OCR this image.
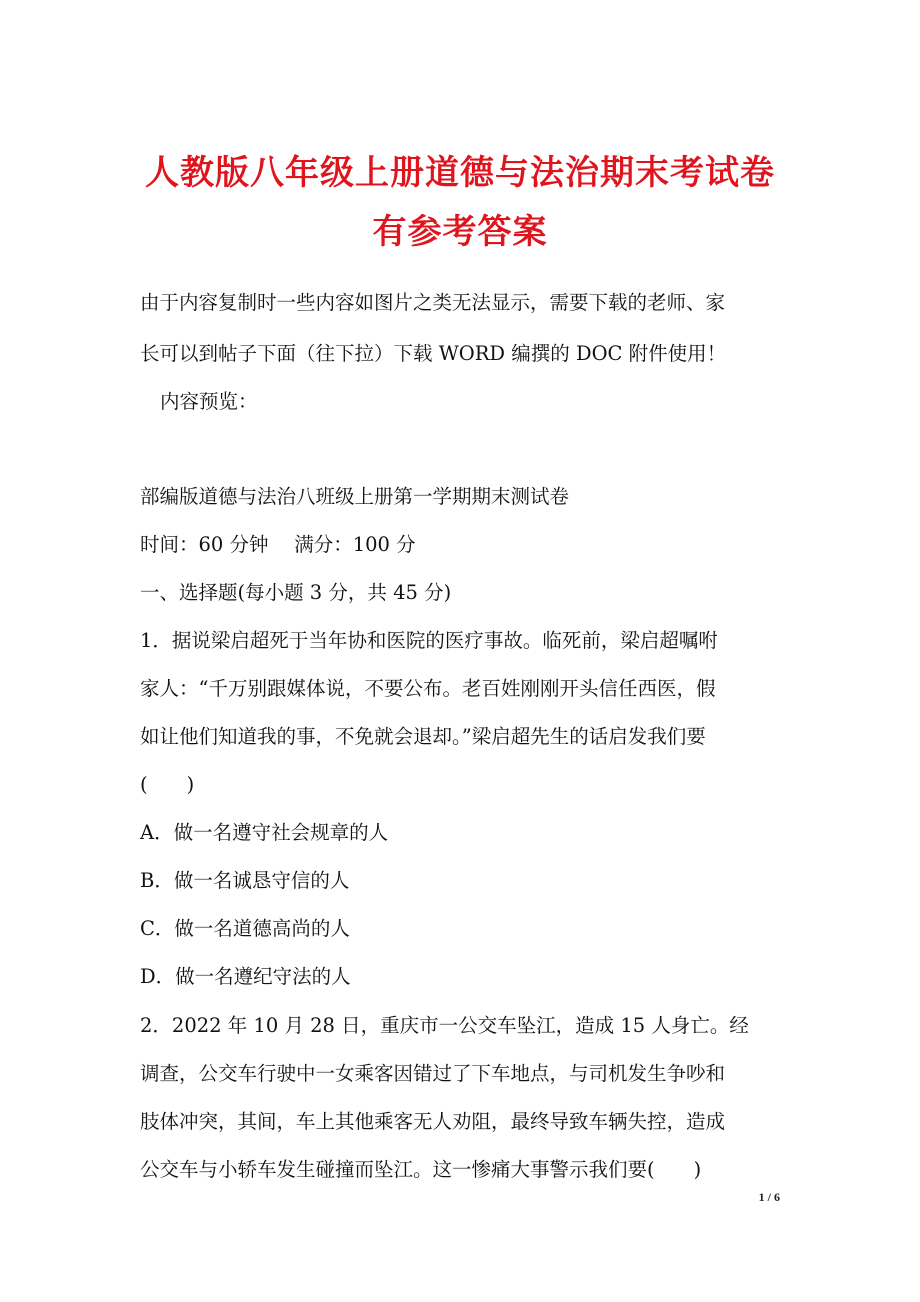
人教版八年级上册道德与法治期末考试卷
有参考答案
由于内容复制时一些内容如图片之类无法显示，需要下载的老师、家
长可以到帖子下面（往下拉）下载 WORD 编撰的 DOC 附件使用！
内容预览：
部编版道德与法治八班级上册第一学期期末测试卷
时间：60 分钟　 满分：100 分
一、选择题(每小题 3 分，共 45 分)
1．据说梁启超死于当年协和医院的医疗事故。临死前，梁启超嘱咐
家人：“千万别跟媒体说，不要公布。老百姓刚刚开头信任西医，假
如让他们知道我的事，不免就会退却。”梁启超先生的话启发我们要
(　　)
A．做一名遵守社会规章的人
B．做一名诚恳守信的人
C．做一名道德高尚的人
D．做一名遵纪守法的人
2．2022 年 10 月 28 日，重庆市一公交车坠江，造成 15 人身亡。经
调查，公交车行驶中一女乘客因错过了下车地点，与司机发生争吵和
肢体冲突，其间，车上其他乘客无人劝阻，最终导致车辆失控，造成
公交车与小轿车发生碰撞而坠江。这一惨痛大事警示我们要(　　)
1 / 6
